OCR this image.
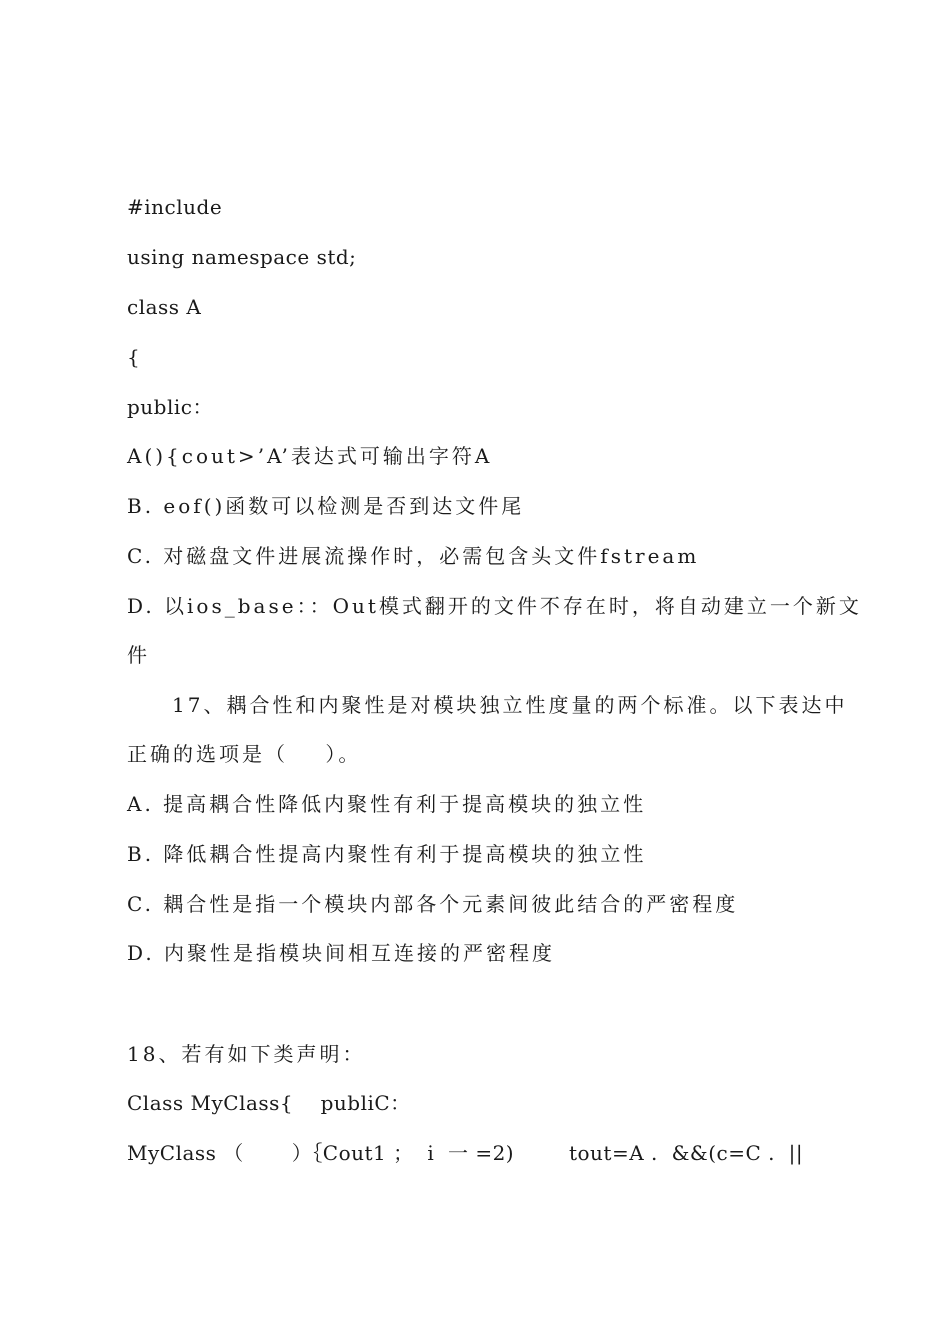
#include
using namespace std;
class A
{
public：
A(){cout>’A’表达式可输出字符A
B. eof()函数可以检测是否到达文件尾
C. 对磁盘文件进展流操作时，必需包含头文件fstream
D. 以ios_base：：Out模式翻开的文件不存在时，将自动建立一个新文
件
17、耦合性和内聚性是对模块独立性度量的两个标准。以下表达中
正确的选项是（    ）。
A. 提高耦合性降低内聚性有利于提高模块的独立性
B. 降低耦合性提高内聚性有利于提高模块的独立性
C. 耦合性是指一个模块内部各个元素间彼此结合的严密程度
D. 内聚性是指模块间相互连接的严密程度
18、若有如下类声明：
Class MyClass{    publiC：
MyClass （       ）｛Cout1 ；  i  一 =2)        tout=A .  &&(c=C .  ||
